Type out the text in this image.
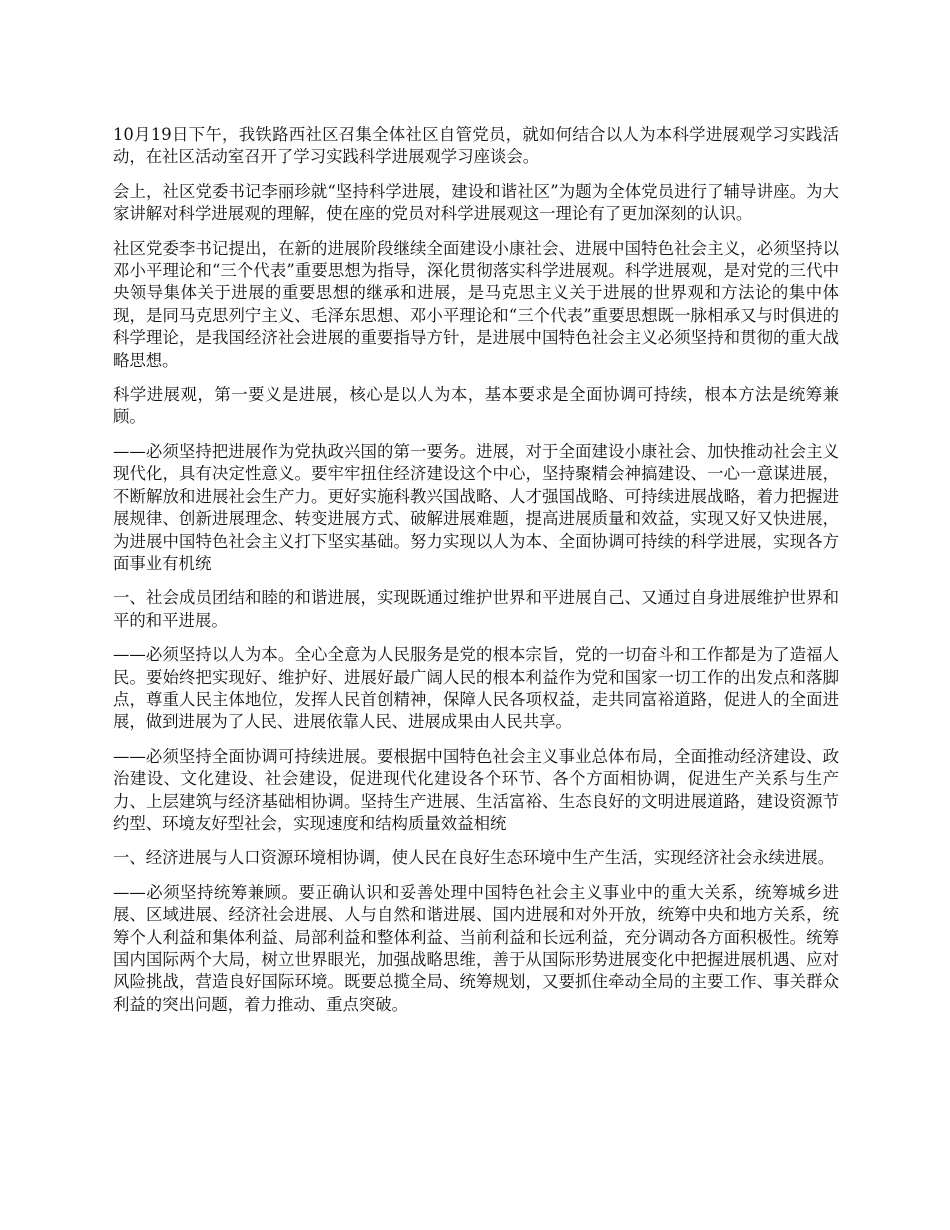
10月19日下午，我铁路西社区召集全体社区自管党员，就如何结合以人为本科学进展观学习实践活动，在社区活动室召开了学习实践科学进展观学习座谈会。

会上，社区党委书记李丽珍就“坚持科学进展，建设和谐社区”为题为全体党员进行了辅导讲座。为大家讲解对科学进展观的理解，使在座的党员对科学进展观这一理论有了更加深刻的认识。

社区党委李书记提出，在新的进展阶段继续全面建设小康社会、进展中国特色社会主义，必须坚持以邓小平理论和“三个代表”重要思想为指导，深化贯彻落实科学进展观。科学进展观，是对党的三代中央领导集体关于进展的重要思想的继承和进展，是马克思主义关于进展的世界观和方法论的集中体现，是同马克思列宁主义、毛泽东思想、邓小平理论和“三个代表”重要思想既一脉相承又与时俱进的科学理论，是我国经济社会进展的重要指导方针，是进展中国特色社会主义必须坚持和贯彻的重大战略思想。

科学进展观，第一要义是进展，核心是以人为本，基本要求是全面协调可持续，根本方法是统筹兼顾。

——必须坚持把进展作为党执政兴国的第一要务。进展，对于全面建设小康社会、加快推动社会主义现代化，具有决定性意义。要牢牢扭住经济建设这个中心，坚持聚精会神搞建设、一心一意谋进展，不断解放和进展社会生产力。更好实施科教兴国战略、人才强国战略、可持续进展战略，着力把握进展规律、创新进展理念、转变进展方式、破解进展难题，提高进展质量和效益，实现又好又快进展，为进展中国特色社会主义打下坚实基础。努力实现以人为本、全面协调可持续的科学进展，实现各方面事业有机统

一、社会成员团结和睦的和谐进展，实现既通过维护世界和平进展自己、又通过自身进展维护世界和平的和平进展。

——必须坚持以人为本。全心全意为人民服务是党的根本宗旨，党的一切奋斗和工作都是为了造福人民。要始终把实现好、维护好、进展好最广阔人民的根本利益作为党和国家一切工作的出发点和落脚点，尊重人民主体地位，发挥人民首创精神，保障人民各项权益，走共同富裕道路，促进人的全面进展，做到进展为了人民、进展依靠人民、进展成果由人民共享。

——必须坚持全面协调可持续进展。要根据中国特色社会主义事业总体布局，全面推动经济建设、政治建设、文化建设、社会建设，促进现代化建设各个环节、各个方面相协调，促进生产关系与生产力、上层建筑与经济基础相协调。坚持生产进展、生活富裕、生态良好的文明进展道路，建设资源节约型、环境友好型社会，实现速度和结构质量效益相统

一、经济进展与人口资源环境相协调，使人民在良好生态环境中生产生活，实现经济社会永续进展。

——必须坚持统筹兼顾。要正确认识和妥善处理中国特色社会主义事业中的重大关系，统筹城乡进展、区域进展、经济社会进展、人与自然和谐进展、国内进展和对外开放，统筹中央和地方关系，统筹个人利益和集体利益、局部利益和整体利益、当前利益和长远利益，充分调动各方面积极性。统筹国内国际两个大局，树立世界眼光，加强战略思维，善于从国际形势进展变化中把握进展机遇、应对风险挑战，营造良好国际环境。既要总揽全局、统筹规划，又要抓住牵动全局的主要工作、事关群众利益的突出问题，着力推动、重点突破。
